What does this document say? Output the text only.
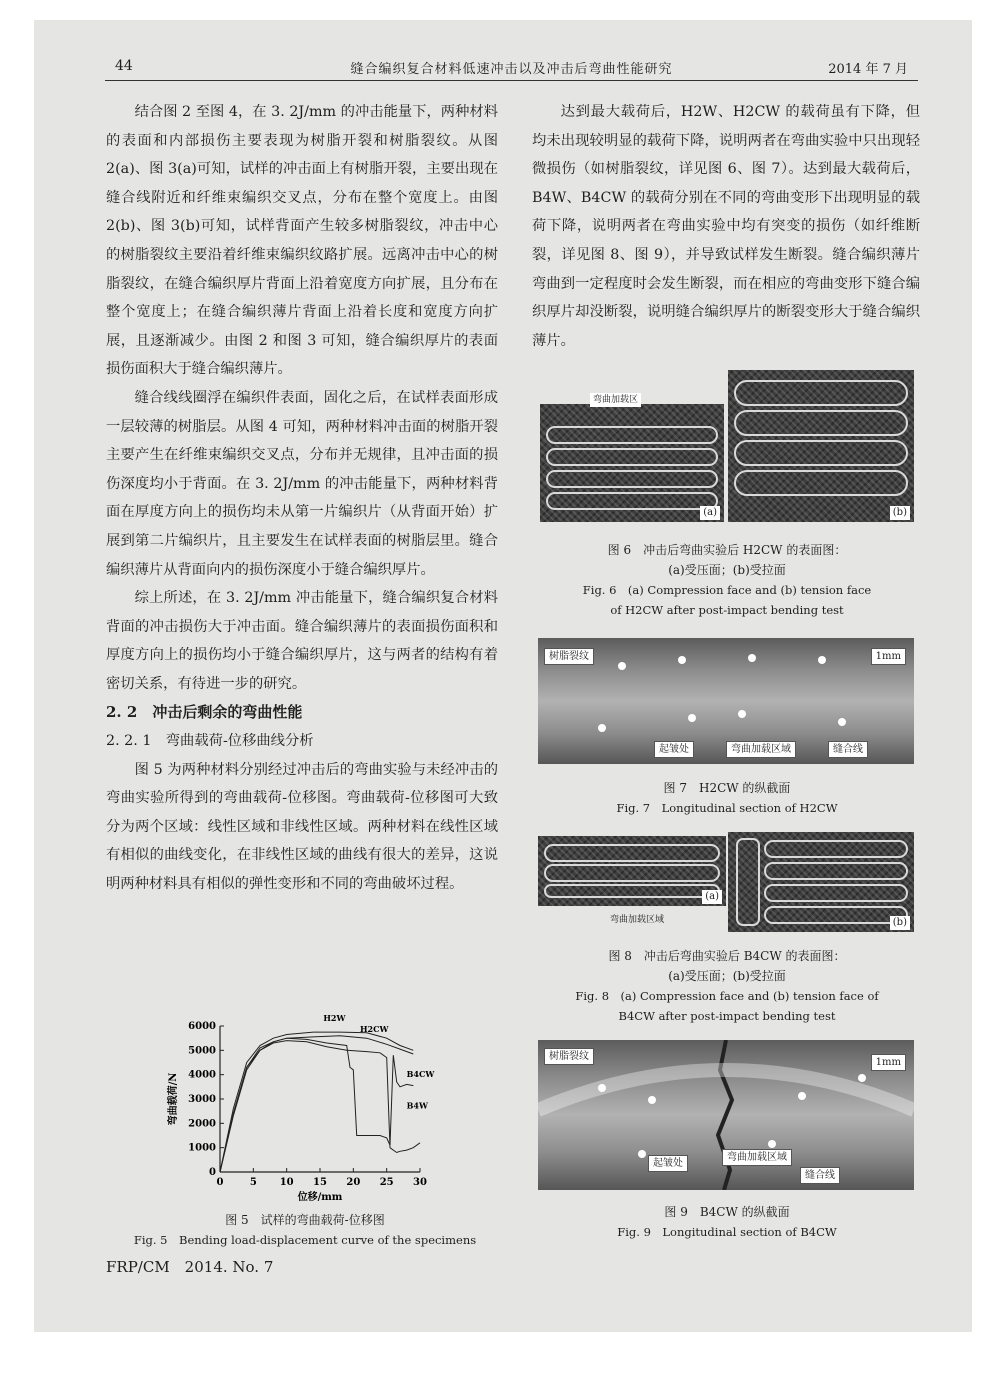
44	缝合编织复合材料低速冲击以及冲击后弯曲性能研究	2014 年 7 月

结合图 2 至图 4，在 3. 2J/mm 的冲击能量下，两种材料的表面和内部损伤主要表现为树脂开裂和树脂裂纹。从图 2(a)、图 3(a)可知，试样的冲击面上有树脂开裂，主要出现在缝合线附近和纤维束编织交叉点，分布在整个宽度上。由图 2(b)、图 3(b)可知，试样背面产生较多树脂裂纹，冲击中心的树脂裂纹主要沿着纤维束编织纹路扩展。远离冲击中心的树脂裂纹，在缝合编织厚片背面上沿着宽度方向扩展，且分布在整个宽度上；在缝合编织薄片背面上沿着长度和宽度方向扩展，且逐渐减少。由图 2 和图 3 可知，缝合编织厚片的表面损伤面积大于缝合编织薄片。

缝合线线圈浮在编织件表面，固化之后，在试样表面形成一层较薄的树脂层。从图 4 可知，两种材料冲击面的树脂开裂主要产生在纤维束编织交叉点，分布并无规律，且冲击面的损伤深度均小于背面。在 3. 2J/mm 的冲击能量下，两种材料背面在厚度方向上的损伤均未从第一片编织片（从背面开始）扩展到第二片编织片，且主要发生在试样表面的树脂层里。缝合编织薄片从背面向内的损伤深度小于缝合编织厚片。

综上所述，在 3. 2J/mm 冲击能量下，缝合编织复合材料背面的冲击损伤大于冲击面。缝合编织薄片的表面损伤面积和厚度方向上的损伤均小于缝合编织厚片，这与两者的结构有着密切关系，有待进一步的研究。

2. 2　冲击后剩余的弯曲性能

2. 2. 1　弯曲载荷-位移曲线分析

图 5 为两种材料分别经过冲击后的弯曲实验与未经冲击的弯曲实验所得到的弯曲载荷-位移图。弯曲载荷-位移图可大致分为两个区域：线性区域和非线性区域。两种材料在线性区域有相似的曲线变化，在非线性区域的曲线有很大的差异，这说明两种材料具有相似的弹性变形和不同的弯曲破坏过程。

0	5 10 15 20 25 30
0
1000
2000
3000
4000
5000
6000
位移/mm
弯曲载荷/N
H2W
H2CW
B4CW
B4W
图 5　试样的弯曲载荷-位移图
Fig. 5　Bending load-displacement curve of the specimens

达到最大载荷后，H2W、H2CW 的载荷虽有下降，但均未出现较明显的载荷下降，说明两者在弯曲实验中只出现轻微损伤（如树脂裂纹，详见图 6、图 7）。达到最大载荷后，B4W、B4CW 的载荷分别在不同的弯曲变形下出现明显的载荷下降，说明两者在弯曲实验中均有突变的损伤（如纤维断裂，详见图 8、图 9），并导致试样发生断裂。缝合编织薄片弯曲到一定程度时会发生断裂，而在相应的弯曲变形下缝合编织厚片却没断裂，说明缝合编织厚片的断裂变形大于缝合编织薄片。

(a)
弯曲加载区
(b)
图 6　冲击后弯曲实验后 H2CW 的表面图：
(a)受压面；(b)受拉面
Fig. 6　(a) Compression face and (b) tension face
of H2CW after post-impact bending test
树脂裂纹	1mm
起皱处	弯曲加载区域	缝合线
图 7　H2CW 的纵截面
Fig. 7　Longitudinal section of H2CW
(a)
弯曲加载区域	(b)
图 8　冲击后弯曲实验后 B4CW 的表面图：
(a)受压面；(b)受拉面
Fig. 8　(a) Compression face and (b) tension face of
B4CW after post-impact bending test
树脂裂纹
1mm
起皱处
弯曲加载区域
缝合线
图 9　B4CW 的纵截面
Fig. 9　Longitudinal section of B4CW
FRP/CM　2014. No. 7
